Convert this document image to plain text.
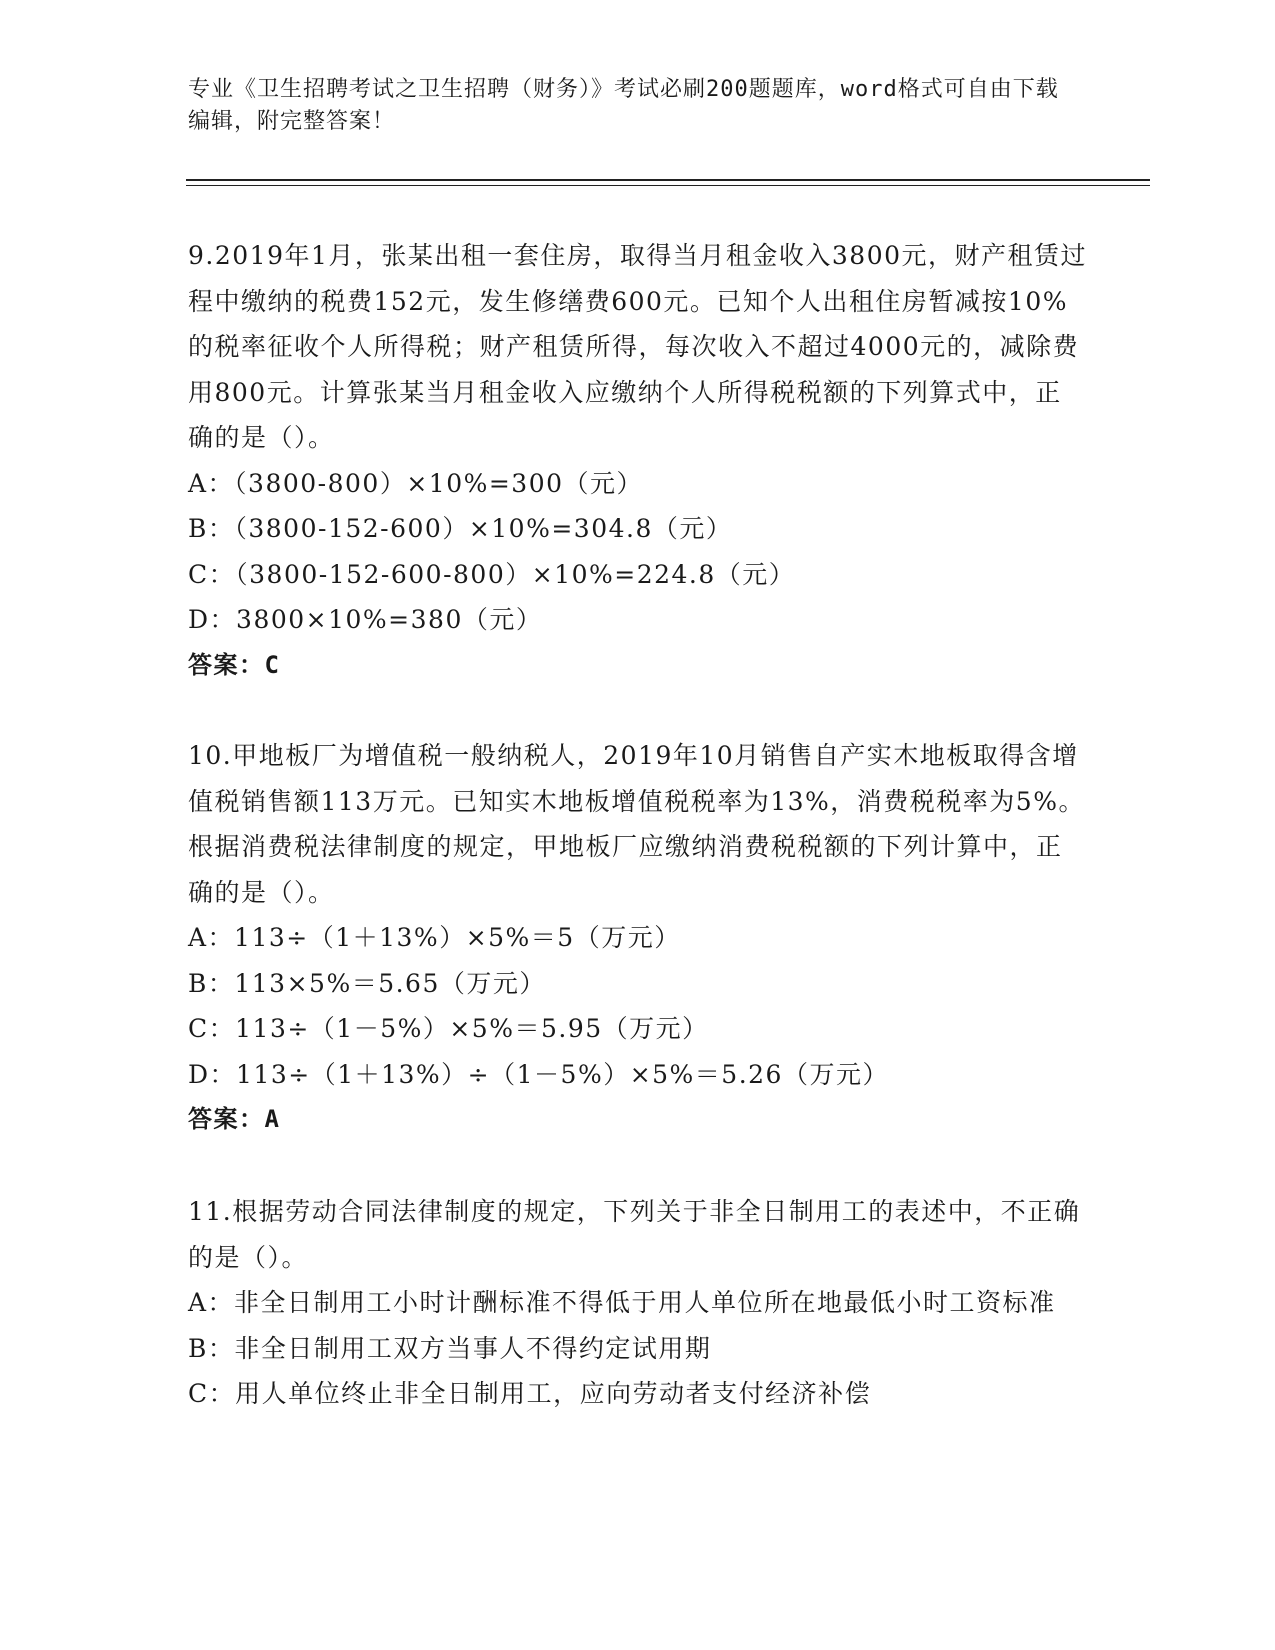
专业《卫生招聘考试之卫生招聘（财务）》考试必刷200题题库，word格式可自由下载编辑，附完整答案！

9.2019年1月，张某出租一套住房，取得当月租金收入3800元，财产租赁过程中缴纳的税费152元，发生修缮费600元。已知个人出租住房暂减按10%的税率征收个人所得税；财产租赁所得，每次收入不超过4000元的，减除费用800元。计算张某当月租金收入应缴纳个人所得税税额的下列算式中，正确的是（）。

A：（3800-800）×10%=300（元）

B：（3800-152-600）×10%=304.8（元）

C：（3800-152-600-800）×10%=224.8（元）

D：3800×10%=380（元）

答案：C

10.甲地板厂为增值税一般纳税人，2019年10月销售自产实木地板取得含增值税销售额113万元。已知实木地板增值税税率为13%，消费税税率为5%。根据消费税法律制度的规定，甲地板厂应缴纳消费税税额的下列计算中，正确的是（）。

A：113÷（1＋13%）×5%＝5（万元）

B：113×5%＝5.65（万元）

C：113÷（1－5%）×5%＝5.95（万元）

D：113÷（1＋13%）÷（1－5%）×5%＝5.26（万元）

答案：A

11.根据劳动合同法律制度的规定，下列关于非全日制用工的表述中，不正确的是（）。

A：非全日制用工小时计酬标准不得低于用人单位所在地最低小时工资标准

B：非全日制用工双方当事人不得约定试用期

C：用人单位终止非全日制用工，应向劳动者支付经济补偿
